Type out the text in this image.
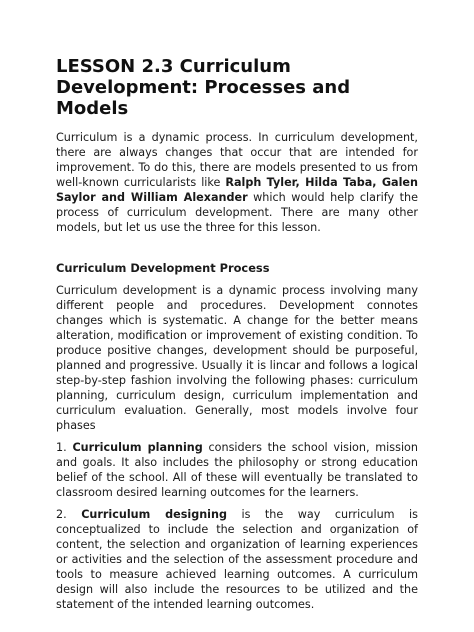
LESSON 2.3 Curriculum Development: Processes and Models

Curriculum is a dynamic process. In curriculum development, there are always changes that occur that are intended for improvement. To do this, there are models presented to us from well-known curricularists like Ralph Tyler, Hilda Taba, Galen Saylor and William Alexander which would help clarify the process of curriculum development. There are many other models, but let us use the three for this lesson.

Curriculum Development Process

Curriculum development is a dynamic process involving many different people and procedures. Development connotes changes which is systematic. A change for the better means alteration, modification or improvement of existing condition. To produce positive changes, development should be purposeful, planned and progressive. Usually it is lincar and follows a logical step-by-step fashion involving the following phases: curriculum planning, curriculum design, curriculum implementation and curriculum evaluation. Generally, most models involve four phases

1. Curriculum planning considers the school vision, mission and goals. It also includes the philosophy or strong education belief of the school. All of these will eventually be translated to classroom desired learning outcomes for the learners.

2. Curriculum designing is the way curriculum is conceptualized to include the selection and organization of content, the selection and organization of learning experiences or activities and the selection of the assessment procedure and tools to measure achieved learning outcomes. A curriculum design will also include the resources to be utilized and the statement of the intended learning outcomes.
